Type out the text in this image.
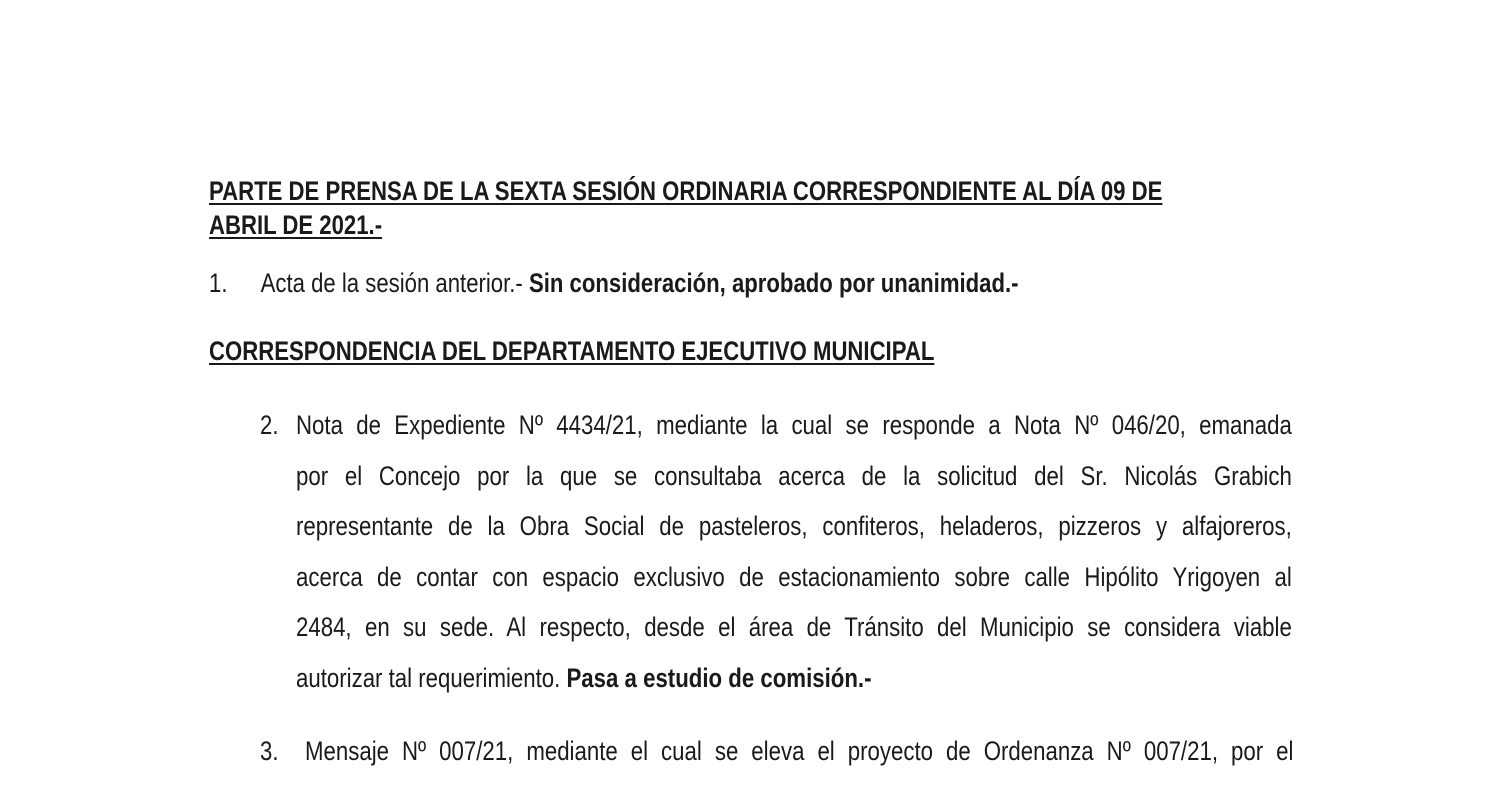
PARTE DE PRENSA DE LA SEXTA SESIÓN ORDINARIA CORRESPONDIENTE AL DÍA 09 DE
ABRIL DE 2021.-
1. Acta de la sesión anterior.- Sin consideración, aprobado por unanimidad.-
CORRESPONDENCIA DEL DEPARTAMENTO EJECUTIVO MUNICIPAL
2. Nota de Expediente Nº 4434/21, mediante la cual se responde a Nota Nº 046/20, emanada
por el Concejo por la que se consultaba acerca de la solicitud del Sr. Nicolás Grabich
representante de la Obra Social de pasteleros, confiteros, heladeros, pizzeros y alfajoreros,
acerca de contar con espacio exclusivo de estacionamiento sobre calle Hipólito Yrigoyen al
2484, en su sede. Al respecto, desde el área de Tránsito del Municipio se considera viable
autorizar tal requerimiento. Pasa a estudio de comisión.-
3. Mensaje Nº 007/21, mediante el cual se eleva el proyecto de Ordenanza Nº 007/21, por el
